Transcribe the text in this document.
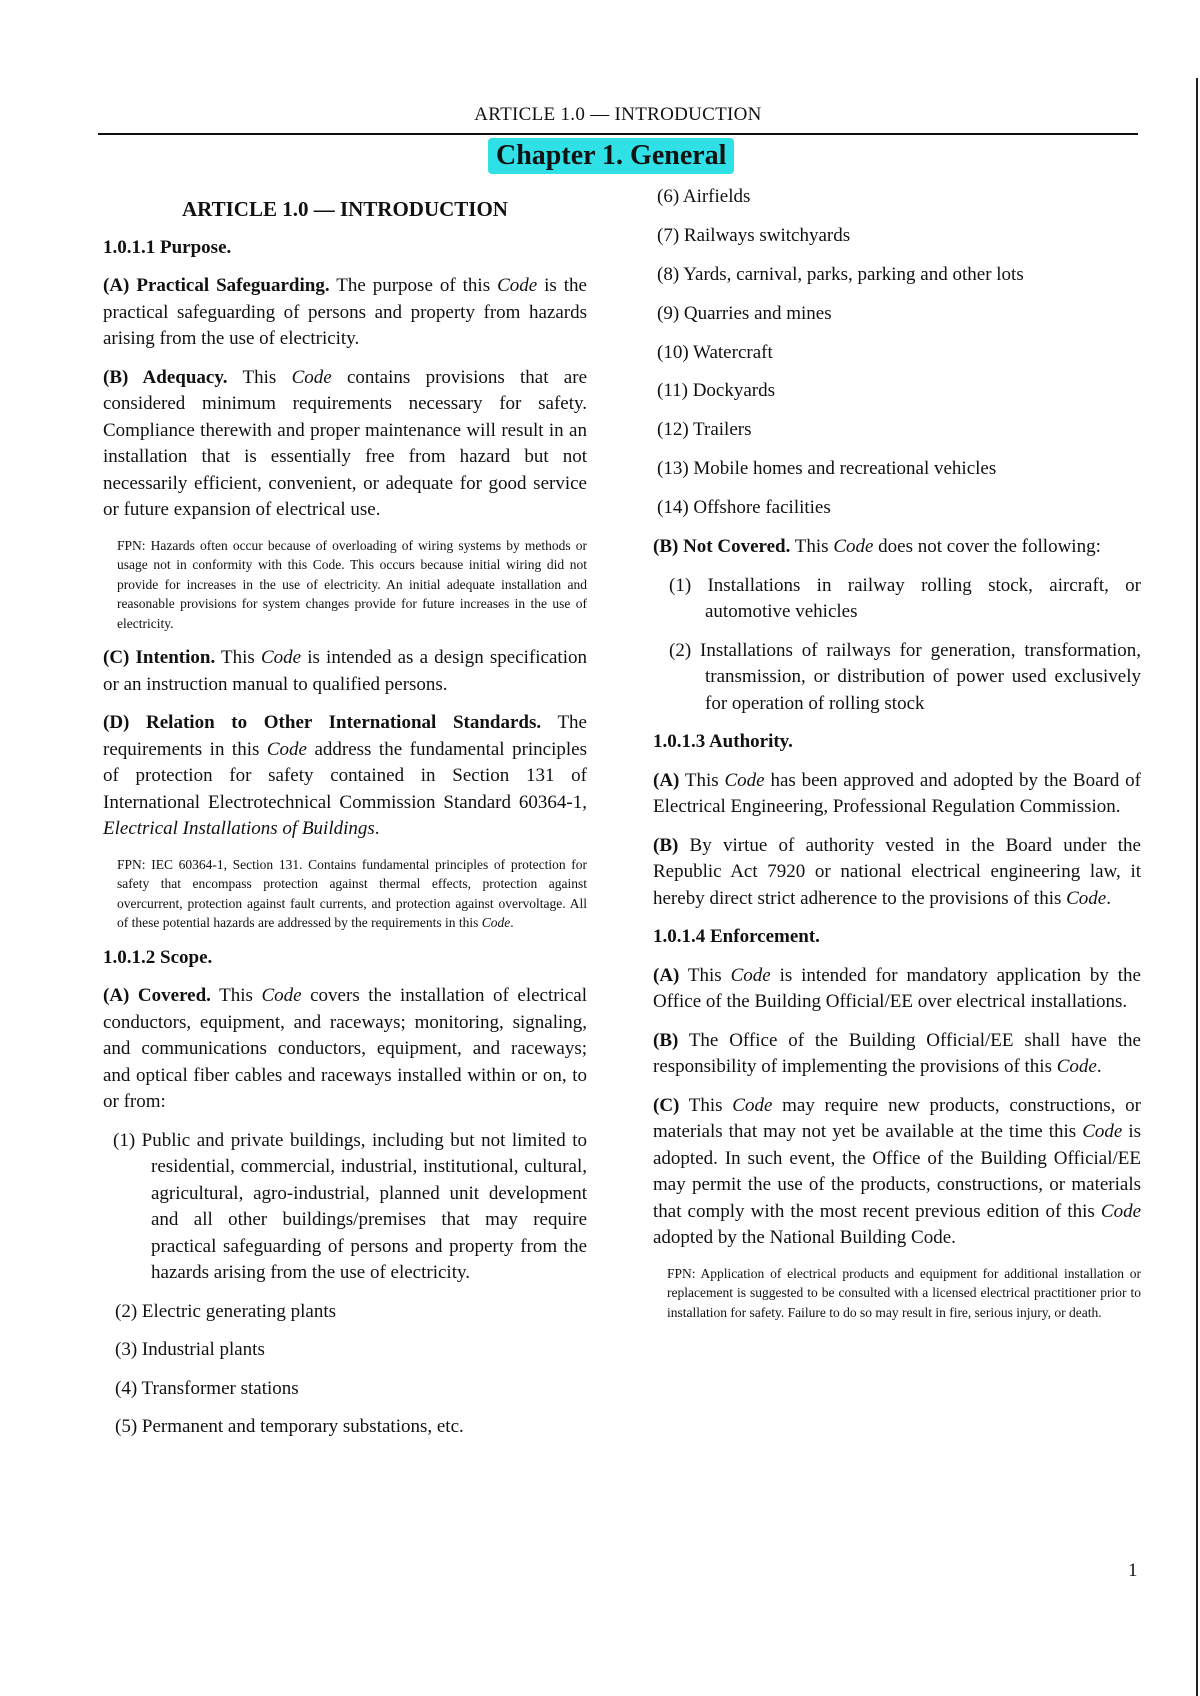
ARTICLE 1.0 — INTRODUCTION
Chapter 1. General
ARTICLE 1.0 — INTRODUCTION
1.0.1.1 Purpose.

(A) Practical Safeguarding. The purpose of this Code is the practical safeguarding of persons and property from hazards arising from the use of electricity.

(B) Adequacy. This Code contains provisions that are considered minimum requirements necessary for safety. Compliance therewith and proper maintenance will result in an installation that is essentially free from hazard but not necessarily efficient, convenient, or adequate for good service or future expansion of electrical use.

FPN: Hazards often occur because of overloading of wiring systems by methods or usage not in conformity with this Code. This occurs because initial wiring did not provide for increases in the use of electricity. An initial adequate installation and reasonable provisions for system changes provide for future increases in the use of electricity.

(C) Intention. This Code is intended as a design specification or an instruction manual to qualified persons.

(D) Relation to Other International Standards. The requirements in this Code address the fundamental principles of protection for safety contained in Section 131 of International Electrotechnical Commission Standard 60364-1, Electrical Installations of Buildings.

FPN: IEC 60364-1, Section 131. Contains fundamental principles of protection for safety that encompass protection against thermal effects, protection against overcurrent, protection against fault currents, and protection against overvoltage. All of these potential hazards are addressed by the requirements in this Code.
1.0.1.2 Scope.

(A) Covered. This Code covers the installation of electrical conductors, equipment, and raceways; monitoring, signaling, and communications conductors, equipment, and raceways; and optical fiber cables and raceways installed within or on, to or from:

(1) Public and private buildings, including but not limited to residential, commercial, industrial, institutional, cultural, agricultural, agro-industrial, planned unit development and all other buildings/premises that may require practical safeguarding of persons and property from the hazards arising from the use of electricity.
(2) Electric generating plants
(3) Industrial plants
(4) Transformer stations
(5) Permanent and temporary substations, etc.
(6) Airfields
(7) Railways switchyards
(8) Yards, carnival, parks, parking and other lots
(9) Quarries and mines
(10) Watercraft
(11) Dockyards
(12) Trailers
(13) Mobile homes and recreational vehicles
(14) Offshore facilities

(B) Not Covered. This Code does not cover the following:

(1) Installations in railway rolling stock, aircraft, or automotive vehicles
(2) Installations of railways for generation, transformation, transmission, or distribution of power used exclusively for operation of rolling stock
1.0.1.3 Authority.

(A) This Code has been approved and adopted by the Board of Electrical Engineering, Professional Regulation Commission.

(B) By virtue of authority vested in the Board under the Republic Act 7920 or national electrical engineering law, it hereby direct strict adherence to the provisions of this Code.

1.0.1.4 Enforcement.

(A) This Code is intended for mandatory application by the Office of the Building Official/EE over electrical installations.

(B) The Office of the Building Official/EE shall have the responsibility of implementing the provisions of this Code.

(C) This Code may require new products, constructions, or materials that may not yet be available at the time this Code is adopted. In such event, the Office of the Building Official/EE may permit the use of the products, constructions, or materials that comply with the most recent previous edition of this Code adopted by the National Building Code.

FPN: Application of electrical products and equipment for additional installation or replacement is suggested to be consulted with a licensed electrical practitioner prior to installation for safety. Failure to do so may result in fire, serious injury, or death.
1
